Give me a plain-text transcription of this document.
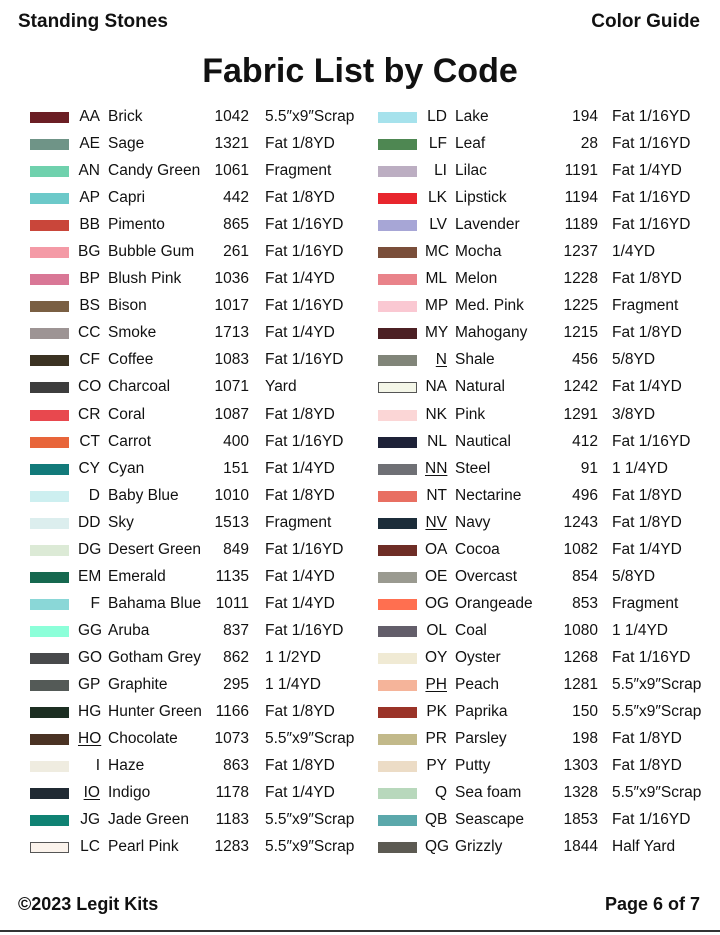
Standing Stones	Color Guide
Fabric List by Code
AA Brick	1042 5.5″x9″Scrap
AE Sage	1321 Fat 1/8YD
AN Candy Green 1061 Fragment
AP Capri	442 Fat 1/8YD
BB Pimento	865 Fat 1/16YD
BG Bubble Gum	261 Fat 1/16YD
BP Blush Pink	1036 Fat 1/4YD
BS Bison	1017 Fat 1/16YD
CC Smoke	1713 Fat 1/4YD
CF Coffee	1083 Fat 1/16YD
CO Charcoal	1071 Yard
CR Coral	1087 Fat 1/8YD
CT Carrot	400 Fat 1/16YD
CY Cyan	151 Fat 1/4YD
D Baby Blue	1010 Fat 1/8YD
DD Sky	1513 Fragment
DG Desert Green	849 Fat 1/16YD
EM Emerald	1135 Fat 1/4YD
F Bahama Blue 1011 Fat 1/4YD
GG Aruba	837 Fat 1/16YD
GO Gotham Grey	862 1 1/2YD
GP Graphite	295 1 1/4YD
HG Hunter Green 1166 Fat 1/8YD
HO Chocolate	1073 5.5″x9″Scrap
I Haze	863 Fat 1/8YD
IO Indigo	1178 Fat 1/4YD
JG Jade Green	1183 5.5″x9″Scrap
LC Pearl Pink	1283 5.5″x9″Scrap
LD Lake	194 Fat 1/16YD
LF Leaf	28 Fat 1/16YD
LI Lilac	1191 Fat 1/4YD
LK Lipstick	1194 Fat 1/16YD
LV Lavender	1189 Fat 1/16YD
MC Mocha	1237 1/4YD
ML Melon	1228 Fat 1/8YD
MP Med. Pink	1225 Fragment
MY Mahogany	1215 Fat 1/8YD
N Shale	456 5/8YD
NA Natural	1242 Fat 1/4YD
NK Pink	1291 3/8YD
NL Nautical	412 Fat 1/16YD
NN Steel	91 1 1/4YD
NT Nectarine	496 Fat 1/8YD
NV Navy	1243 Fat 1/8YD
OA Cocoa	1082 Fat 1/4YD
OE Overcast	854 5/8YD
OG Orangeade	853 Fragment
OL Coal	1080 1 1/4YD
OY Oyster	1268 Fat 1/16YD
PH Peach	1281 5.5″x9″Scrap
PK Paprika	150 5.5″x9″Scrap
PR Parsley	198 Fat 1/8YD
PY Putty	1303 Fat 1/8YD
Q Sea foam	1328 5.5″x9″Scrap
QB Seascape	1853 Fat 1/16YD
QG Grizzly	1844 Half Yard
©2023 Legit Kits	Page 6 of 7
